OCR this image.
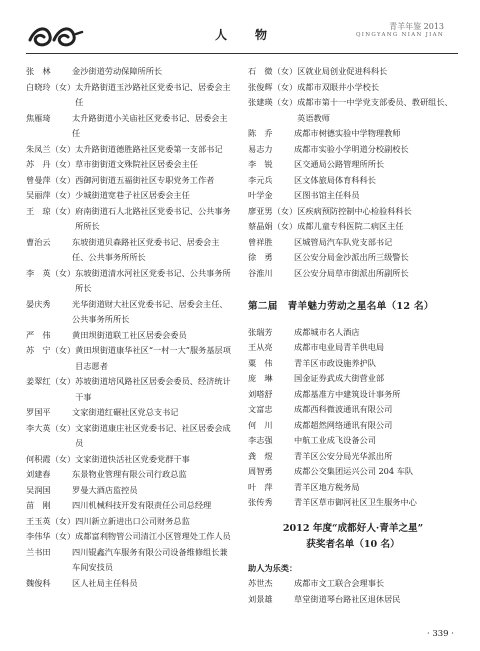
人　物
青羊年鉴 2013
QINGYANG NIAN JIAN
张　林	金沙街道劳动保障所所长
白晓玲（女） 太升路街道玉沙路社区党委书记、居委会主任
焦雁琦	太升路街道小关庙社区党委书记、居委会主任
朱凤兰（女） 太升路街道德胜路社区党委第一支部书记
苏　丹（女） 草市街街道文殊院社区居委会主任
曾曼萍（女） 西御河街道五福街社区专职党务工作者
吴丽萍（女） 少城街道宽巷子社区居委会主任
王　琼（女） 府南街道石人北路社区党委书记、公共事务所所长
曹治云	东坡街道贝森路社区党委书记、居委会主任、公共事务所所长
李　英（女） 东坡街道清水河社区党委书记、公共事务所所长
晏庆秀	光华街道财大社区党委书记、居委会主任、公共事务所所长
严　伟	黄田坝街道联工社区居委会委员
苏　宁（女） 黄田坝街道康华社区“一村一大”服务基层项目志愿者
姜翠红（女） 苏坡街道培风路社区居委会委员、经济统计干事
罗国平	文家街道红碾社区党总支书记
李大英（女） 文家街道康庄社区党委书记、社区居委会成员
何积霞（女） 文家街道快活社区党委党群干事
刘建春	东景物业管理有限公司行政总监
吴润国	罗曼大酒店监控员
苗　刚	四川机械科技开发有限责任公司总经理
王玉英（女） 四川新立新进出口公司财务总监
李伟华（女） 成都富利物管公司清江小区管理处工作人员
兰书田	四川锟鑫汽车服务有限公司设备维修组长兼车间安技员
魏俊科	区人社局主任科员
石　微（女） 区就业局创业促进科科长
张俊辉（女） 成都市双眼井小学校长
张建瑛（女） 成都市第十一中学党支部委员、教研组长、英语教师
陈　乔	成都市树德实验中学物理教师
易志力	成都市实验小学明道分校副校长
李　锐	区交通局公路管理所所长
李元兵	区文体旅局体育科科长
叶学金	区图书馆主任科员
廖亚男（女） 区疾病预防控制中心检验科科长
蔡晶娟（女） 成都儿童专科医院二病区主任
曾祥胜	区城管局汽车队党支部书记
徐　勇	区公安分局金沙派出所三级警长
谷淮川	区公安分局草市街派出所副所长
第二届　青羊魅力劳动之星名单（12 名）
张瑞芳	成都城市名人酒店
王从亮	成都市电业局青羊供电局
粟　伟	青羊区市政设施养护队
庞　琳	国金证券武成大街营业部
刘嗒舒	成都基准方中建筑设计事务所
文富忠	成都西科微波通讯有限公司
何　川	成都超然网络通讯有限公司
李志强	中航工业成飞设备公司
龚　煜	青羊区公安分局光华派出所
周智勇	成都公交集团运兴公司 204 车队
叶　萍	青羊区地方税务局
张传秀	青羊区草市御河社区卫生服务中心
2012 年度“成都好人·青羊之星”
获奖者名单（10 名）
助人为乐类：
苏世杰	成都市文工联合会理事长
刘景雄	草堂街道琴台路社区退休居民
· 339 ·
